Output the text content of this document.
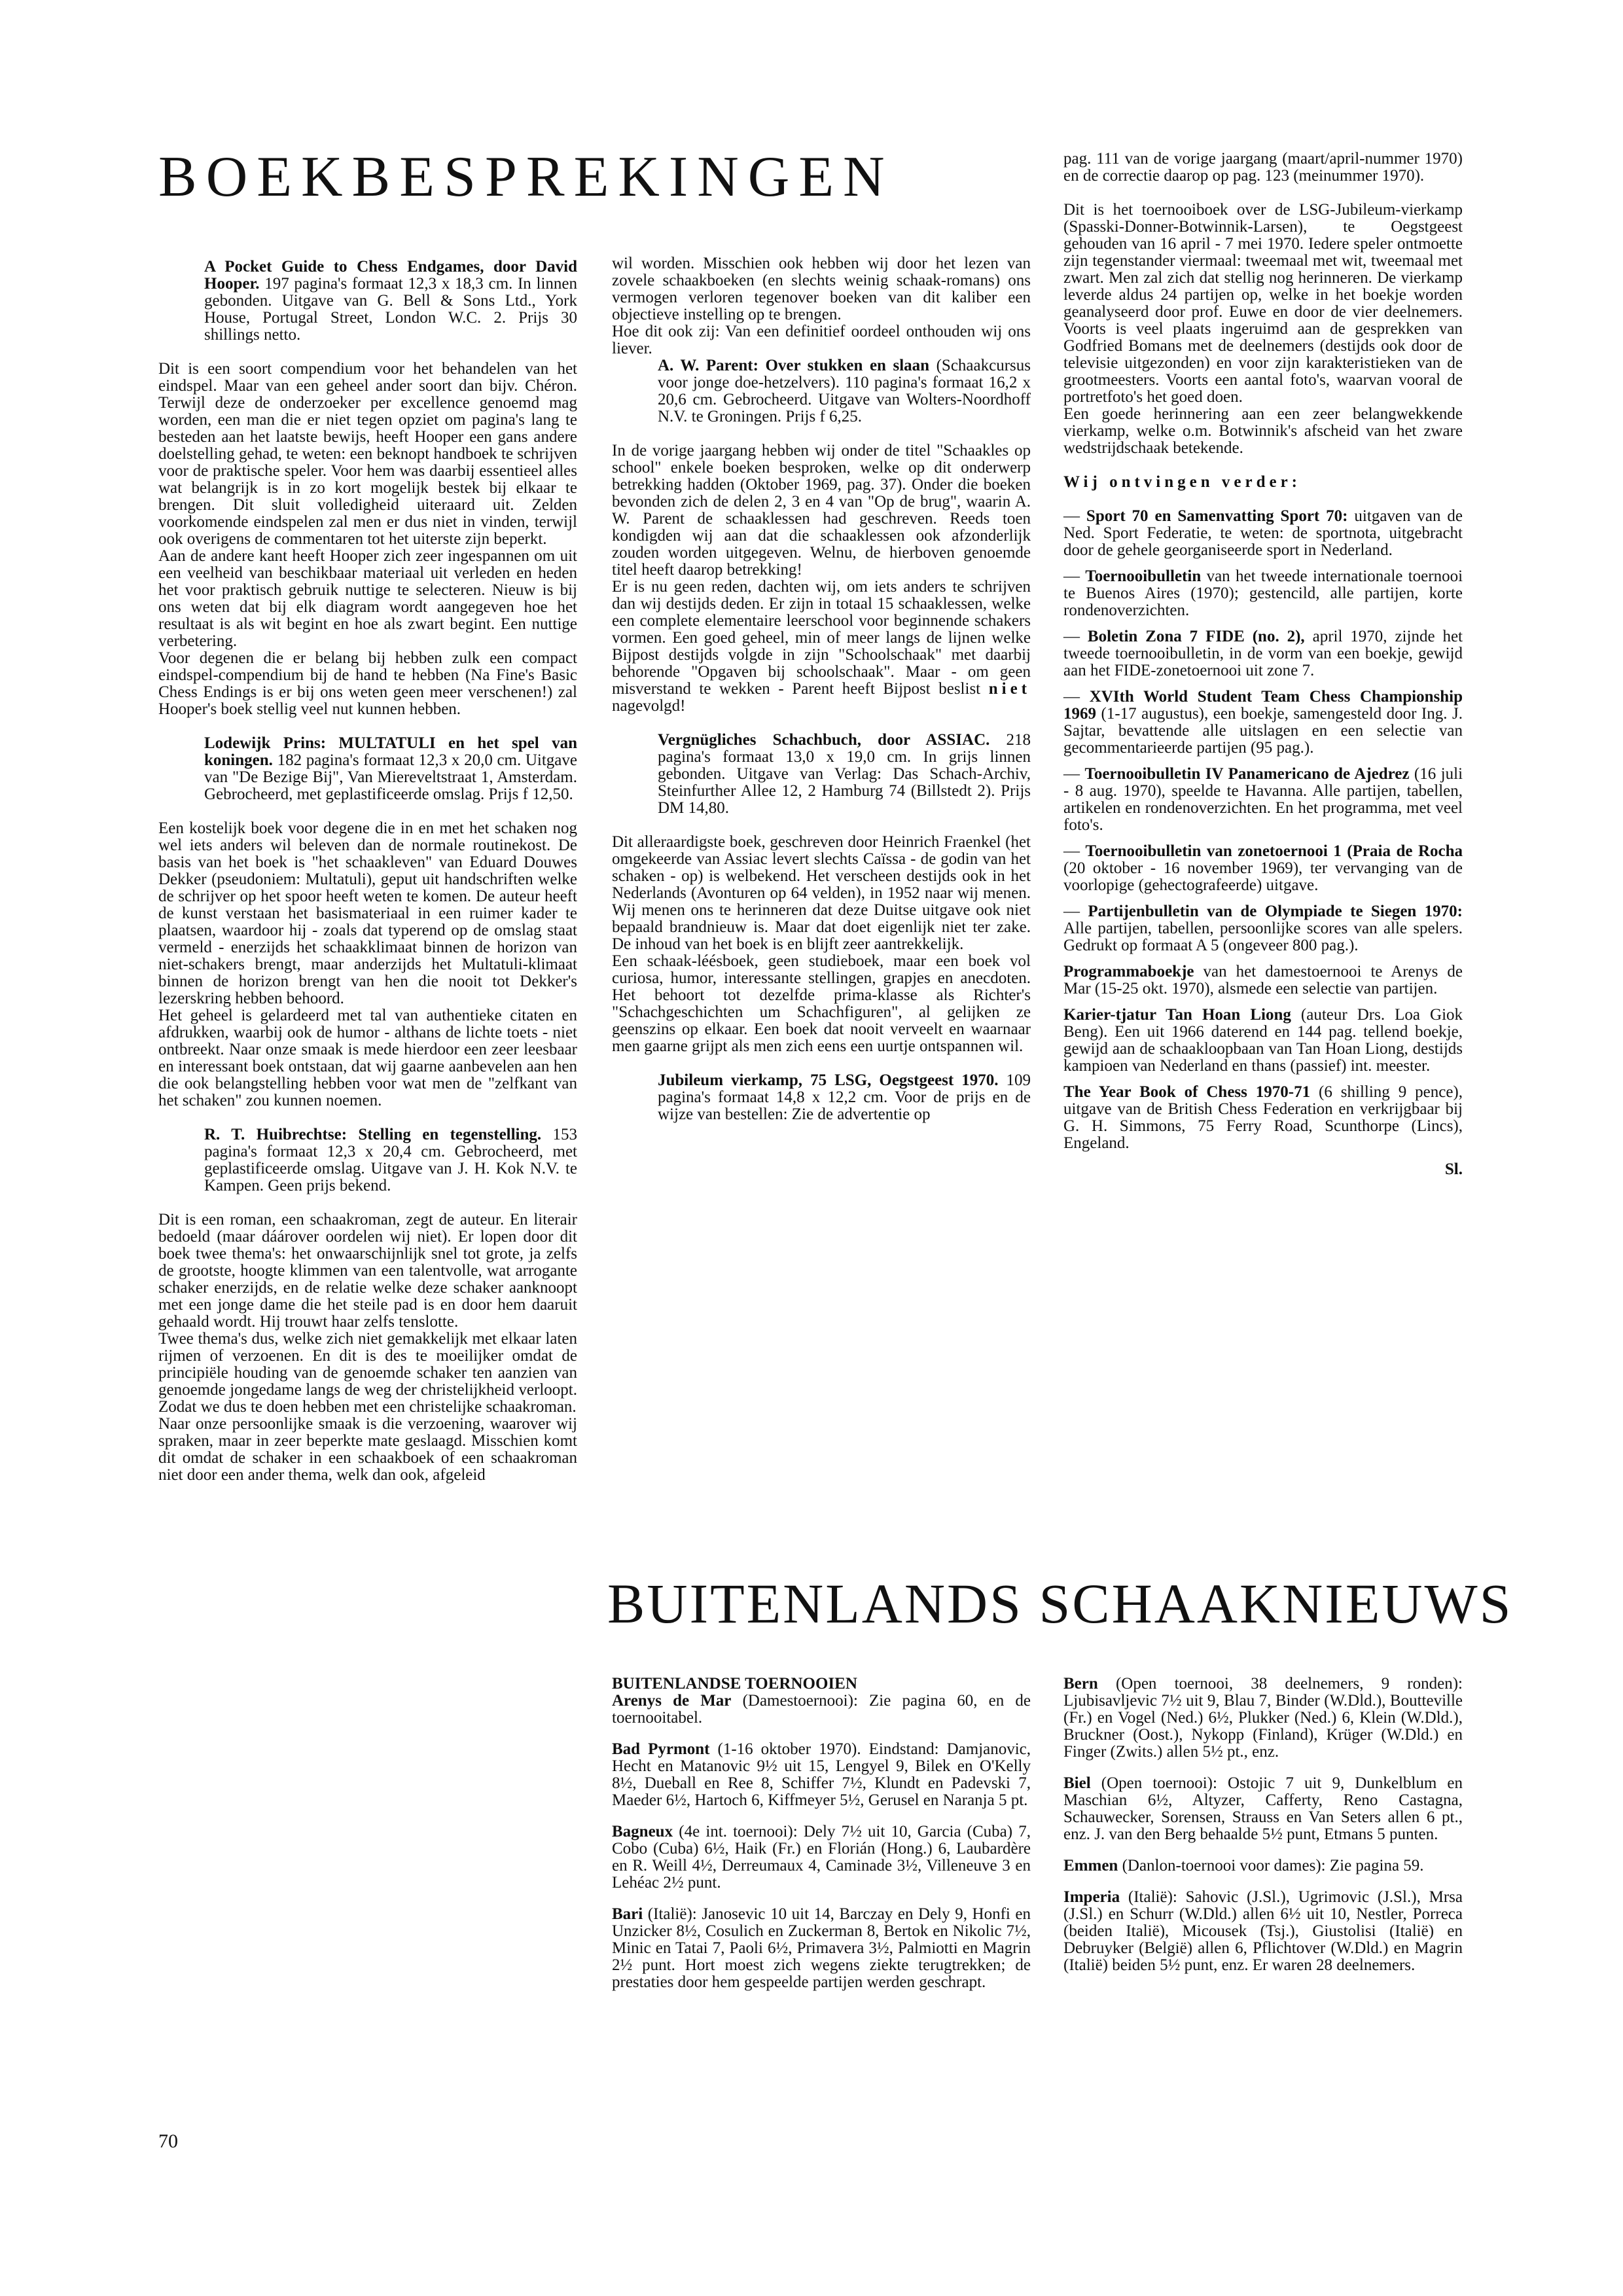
BOEKBESPREKINGEN

A Pocket Guide to Chess Endgames, door David Hooper. 197 pagina's formaat 12,3 x 18,3 cm. In linnen gebonden. Uitgave van G. Bell & Sons Ltd., York House, Portugal Street, London W.C. 2. Prijs 30 shillings netto.

Dit is een soort compendium voor het behandelen van het eindspel. Maar van een geheel ander soort dan bijv. Chéron. Terwijl deze de onderzoeker per excellence genoemd mag worden, een man die er niet tegen opziet om pagina's lang te besteden aan het laatste bewijs, heeft Hooper een gans andere doelstelling gehad, te weten: een beknopt handboek te schrijven voor de praktische speler. Voor hem was daarbij essentieel alles wat belangrijk is in zo kort mogelijk bestek bij elkaar te brengen. Dit sluit volledigheid uiteraard uit. Zelden voorkomende eindspelen zal men er dus niet in vinden, terwijl ook overigens de commentaren tot het uiterste zijn beperkt.

Aan de andere kant heeft Hooper zich zeer ingespannen om uit een veelheid van beschikbaar materiaal uit verleden en heden het voor praktisch gebruik nuttige te selecteren. Nieuw is bij ons weten dat bij elk diagram wordt aangegeven hoe het resultaat is als wit begint en hoe als zwart begint. Een nuttige verbetering.

Voor degenen die er belang bij hebben zulk een compact eindspel-compendium bij de hand te hebben (Na Fine's Basic Chess Endings is er bij ons weten geen meer verschenen!) zal Hooper's boek stellig veel nut kunnen hebben.

Lodewijk Prins: MULTATULI en het spel van koningen. 182 pagina's formaat 12,3 x 20,0 cm. Uitgave van "De Bezige Bij", Van Miereveltstraat 1, Amsterdam. Gebrocheerd, met geplastificeerde omslag. Prijs f 12,50.

Een kostelijk boek voor degene die in en met het schaken nog wel iets anders wil beleven dan de normale routinekost. De basis van het boek is "het schaakleven" van Eduard Douwes Dekker (pseudoniem: Multatuli), geput uit handschriften welke de schrijver op het spoor heeft weten te komen. De auteur heeft de kunst verstaan het basismateriaal in een ruimer kader te plaatsen, waardoor hij - zoals dat typerend op de omslag staat vermeld - enerzijds het schaakklimaat binnen de horizon van niet-schakers brengt, maar anderzijds het Multatuli-klimaat binnen de horizon brengt van hen die nooit tot Dekker's lezerskring hebben behoord.

Het geheel is gelardeerd met tal van authentieke citaten en afdrukken, waarbij ook de humor - althans de lichte toets - niet ontbreekt. Naar onze smaak is mede hierdoor een zeer leesbaar en interessant boek ontstaan, dat wij gaarne aanbevelen aan hen die ook belangstelling hebben voor wat men de "zelfkant van het schaken" zou kunnen noemen.

R. T. Huibrechtse: Stelling en tegenstelling. 153 pagina's formaat 12,3 x 20,4 cm. Gebrocheerd, met geplastificeerde omslag. Uitgave van J. H. Kok N.V. te Kampen. Geen prijs bekend.

Dit is een roman, een schaakroman, zegt de auteur. En literair bedoeld (maar dáárover oordelen wij niet). Er lopen door dit boek twee thema's: het onwaarschijnlijk snel tot grote, ja zelfs de grootste, hoogte klimmen van een talentvolle, wat arrogante schaker enerzijds, en de relatie welke deze schaker aanknoopt met een jonge dame die het steile pad is en door hem daaruit gehaald wordt. Hij trouwt haar zelfs tenslotte.

Twee thema's dus, welke zich niet gemakkelijk met elkaar laten rijmen of verzoenen. En dit is des te moeilijker omdat de principiële houding van de genoemde schaker ten aanzien van genoemde jongedame langs de weg der christelijkheid verloopt. Zodat we dus te doen hebben met een christelijke schaakroman.

Naar onze persoonlijke smaak is die verzoening, waarover wij spraken, maar in zeer beperkte mate geslaagd. Misschien komt dit omdat de schaker in een schaakboek of een schaakroman niet door een ander thema, welk dan ook, afgeleid

wil worden. Misschien ook hebben wij door het lezen van zovele schaakboeken (en slechts weinig schaak-romans) ons vermogen verloren tegenover boeken van dit kaliber een objectieve instelling op te brengen.

Hoe dit ook zij: Van een definitief oordeel onthouden wij ons liever.

A. W. Parent: Over stukken en slaan (Schaakcursus voor jonge doe-hetzelvers). 110 pagina's formaat 16,2 x 20,6 cm. Gebrocheerd. Uitgave van Wolters-Noordhoff N.V. te Groningen. Prijs f 6,25.

In de vorige jaargang hebben wij onder de titel "Schaakles op school" enkele boeken besproken, welke op dit onderwerp betrekking hadden (Oktober 1969, pag. 37). Onder die boeken bevonden zich de delen 2, 3 en 4 van "Op de brug", waarin A. W. Parent de schaaklessen had geschreven. Reeds toen kondigden wij aan dat die schaaklessen ook afzonderlijk zouden worden uitgegeven. Welnu, de hierboven genoemde titel heeft daarop betrekking!

Er is nu geen reden, dachten wij, om iets anders te schrijven dan wij destijds deden. Er zijn in totaal 15 schaaklessen, welke een complete elementaire leerschool voor beginnende schakers vormen. Een goed geheel, min of meer langs de lijnen welke Bijpost destijds volgde in zijn "Schoolschaak" met daarbij behorende "Opgaven bij schoolschaak". Maar - om geen misverstand te wekken - Parent heeft Bijpost beslist niet nagevolgd!

Vergnügliches Schachbuch, door ASSIAC. 218 pagina's formaat 13,0 x 19,0 cm. In grijs linnen gebonden. Uitgave van Verlag: Das Schach-Archiv, Steinfurther Allee 12, 2 Hamburg 74 (Billstedt 2). Prijs DM 14,80.

Dit alleraardigste boek, geschreven door Heinrich Fraenkel (het omgekeerde van Assiac levert slechts Caïssa - de godin van het schaken - op) is welbekend. Het verscheen destijds ook in het Nederlands (Avonturen op 64 velden), in 1952 naar wij menen. Wij menen ons te herinneren dat deze Duitse uitgave ook niet bepaald brandnieuw is. Maar dat doet eigenlijk niet ter zake. De inhoud van het boek is en blijft zeer aantrekkelijk.

Een schaak-léésboek, geen studieboek, maar een boek vol curiosa, humor, interessante stellingen, grapjes en anecdoten. Het behoort tot dezelfde prima-klasse als Richter's "Schachgeschichten um Schachfiguren", al gelijken ze geenszins op elkaar. Een boek dat nooit verveelt en waarnaar men gaarne grijpt als men zich eens een uurtje ontspannen wil.

Jubileum vierkamp, 75 LSG, Oegstgeest 1970. 109 pagina's formaat 14,8 x 12,2 cm. Voor de prijs en de wijze van bestellen: Zie de advertentie op

pag. 111 van de vorige jaargang (maart/april-nummer 1970) en de correctie daarop op pag. 123 (meinummer 1970).

Dit is het toernooiboek over de LSG-Jubileum-vierkamp (Spasski-Donner-Botwinnik-Larsen), te Oegstgeest gehouden van 16 april - 7 mei 1970. Iedere speler ontmoette zijn tegenstander viermaal: tweemaal met wit, tweemaal met zwart. Men zal zich dat stellig nog herinneren. De vierkamp leverde aldus 24 partijen op, welke in het boekje worden geanalyseerd door prof. Euwe en door de vier deelnemers. Voorts is veel plaats ingeruimd aan de gesprekken van Godfried Bomans met de deelnemers (destijds ook door de televisie uitgezonden) en voor zijn karakteristieken van de grootmeesters. Voorts een aantal foto's, waarvan vooral de portretfoto's het goed doen.

Een goede herinnering aan een zeer belangwekkende vierkamp, welke o.m. Botwinnik's afscheid van het zware wedstrijdschaak betekende.

Wij ontvingen verder:

— Sport 70 en Samenvatting Sport 70: uitgaven van de Ned. Sport Federatie, te weten: de sportnota, uitgebracht door de gehele georganiseerde sport in Nederland.

— Toernooibulletin van het tweede internationale toernooi te Buenos Aires (1970); gestencild, alle partijen, korte rondenoverzichten.

— Boletin Zona 7 FIDE (no. 2), april 1970, zijnde het tweede toernooibulletin, in de vorm van een boekje, gewijd aan het FIDE-zonetoernooi uit zone 7.

— XVIth World Student Team Chess Championship 1969 (1-17 augustus), een boekje, samengesteld door Ing. J. Sajtar, bevattende alle uitslagen en een selectie van gecommentarieerde partijen (95 pag.).

— Toernooibulletin IV Panamericano de Ajedrez (16 juli - 8 aug. 1970), speelde te Havanna. Alle partijen, tabellen, artikelen en rondenoverzichten. En het programma, met veel foto's.

— Toernooibulletin van zonetoernooi 1 (Praia de Rocha (20 oktober - 16 november 1969), ter vervanging van de voorlopige (gehectografeerde) uitgave.

— Partijenbulletin van de Olympiade te Siegen 1970: Alle partijen, tabellen, persoonlijke scores van alle spelers. Gedrukt op formaat A 5 (ongeveer 800 pag.).

Programmaboekje van het damestoernooi te Arenys de Mar (15-25 okt. 1970), alsmede een selectie van partijen.

Karier-tjatur Tan Hoan Liong (auteur Drs. Loa Giok Beng). Een uit 1966 daterend en 144 pag. tellend boekje, gewijd aan de schaakloopbaan van Tan Hoan Liong, destijds kampioen van Nederland en thans (passief) int. meester.

The Year Book of Chess 1970-71 (6 shilling 9 pence), uitgave van de British Chess Federation en verkrijgbaar bij G. H. Simmons, 75 Ferry Road, Scunthorpe (Lincs), Engeland.

Sl.

BUITENLANDS SCHAAKNIEUWS

BUITENLANDSE TOERNOOIEN

Arenys de Mar (Damestoernooi): Zie pagina 60, en de toernooitabel.

Bad Pyrmont (1-16 oktober 1970). Eindstand: Damjanovic, Hecht en Matanovic 9½ uit 15, Lengyel 9, Bilek en O'Kelly 8½, Dueball en Ree 8, Schiffer 7½, Klundt en Padevski 7, Maeder 6½, Hartoch 6, Kiffmeyer 5½, Gerusel en Naranja 5 pt.

Bagneux (4e int. toernooi): Dely 7½ uit 10, Garcia (Cuba) 7, Cobo (Cuba) 6½, Haik (Fr.) en Florián (Hong.) 6, Laubardère en R. Weill 4½, Derreumaux 4, Caminade 3½, Villeneuve 3 en Lehéac 2½ punt.

Bari (Italië): Janosevic 10 uit 14, Barczay en Dely 9, Honfi en Unzicker 8½, Cosulich en Zuckerman 8, Bertok en Nikolic 7½, Minic en Tatai 7, Paoli 6½, Primavera 3½, Palmiotti en Magrin 2½ punt. Hort moest zich wegens ziekte terugtrekken; de prestaties door hem gespeelde partijen werden geschrapt.

Bern (Open toernooi, 38 deelnemers, 9 ronden): Ljubisavljevic 7½ uit 9, Blau 7, Binder (W.Dld.), Boutteville (Fr.) en Vogel (Ned.) 6½, Plukker (Ned.) 6, Klein (W.Dld.), Bruckner (Oost.), Nykopp (Finland), Krüger (W.Dld.) en Finger (Zwits.) allen 5½ pt., enz.

Biel (Open toernooi): Ostojic 7 uit 9, Dunkelblum en Maschian 6½, Altyzer, Cafferty, Reno Castagna, Schauwecker, Sorensen, Strauss en Van Seters allen 6 pt., enz. J. van den Berg behaalde 5½ punt, Etmans 5 punten.

Emmen (Danlon-toernooi voor dames): Zie pagina 59.

Imperia (Italië): Sahovic (J.Sl.), Ugrimovic (J.Sl.), Mrsa (J.Sl.) en Schurr (W.Dld.) allen 6½ uit 10, Nestler, Porreca (beiden Italië), Micousek (Tsj.), Giustolisi (Italië) en Debruyker (België) allen 6, Pflichtover (W.Dld.) en Magrin (Italië) beiden 5½ punt, enz. Er waren 28 deelnemers.

70
